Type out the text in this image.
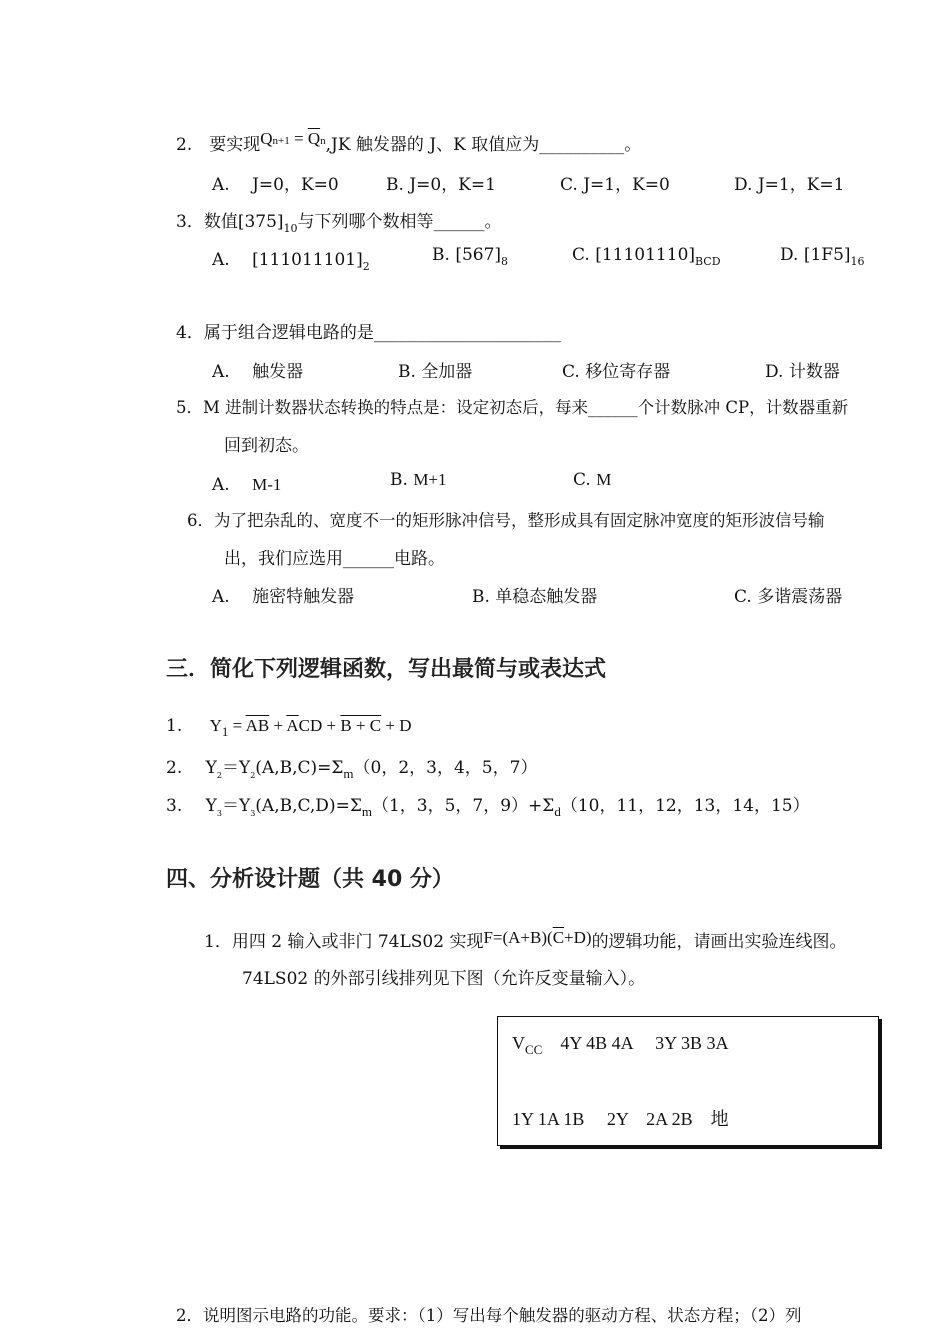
2.　要实现$Qn+1 = \overline{Q}n,JK$ 触发器的 J、K 取值应为__________。
A.　 J=0，K=0	B. J=0，K=1	C. J=1，K=0	D. J=1，K=1
3．数值$[375]_{10}$与下列哪个数相等______。
A.　 $[111011101]_2$
B. $[567]_8$	C. $[11101110]_{BCD}$	D. $[1F5]_{16}$
4．属于组合逻辑电路的是______________________
A.　 触发器	B. 全加器	C. 移位寄存器	D. 计数器
5．M 进制计数器状态转换的特点是：设定初态后，每来______个计数脉冲 CP，计数器重新
回到初态。
A.　 M-1	B. M+1	C. M
6．为了把杂乱的、宽度不一的矩形脉冲信号，整形成具有固定脉冲宽度的矩形波信号输
出，我们应选用______电路。
A.　 施密特触发器	B. 单稳态触发器	C. 多谐震荡器
三．简化下列逻辑函数，写出最简与或表达式
1. $Y_1 = \overline{A}\overline{B} + \overline{A}CD + B + C + D$
2. $Y_2=Y_2(A,B,C)=\Sigma_m(0$，2，3，4，5，7）
3. $Y_3=Y_3(A,B,C,D)=\Sigma_m(1$，3，5，7，$9)+\Sigma_d(10$，11，12，13，14，15）
四、分析设计题（共 40 分）
1．用四 2 输入或非门 74LS02 实现$F=(A+B)(\overline{C}+D)$的逻辑功能，请画出实验连线图。
74LS02 的外部引线排列见下图（允许反变量输入）。
$V_{CC}$　4Y 4B 4A　 3Y 3B 3A
1Y 1A 1B　 2Y　2A 2B　地
2．说明图示电路的功能。要求：（1）写出每个触发器的驱动方程、状态方程；（2）列
